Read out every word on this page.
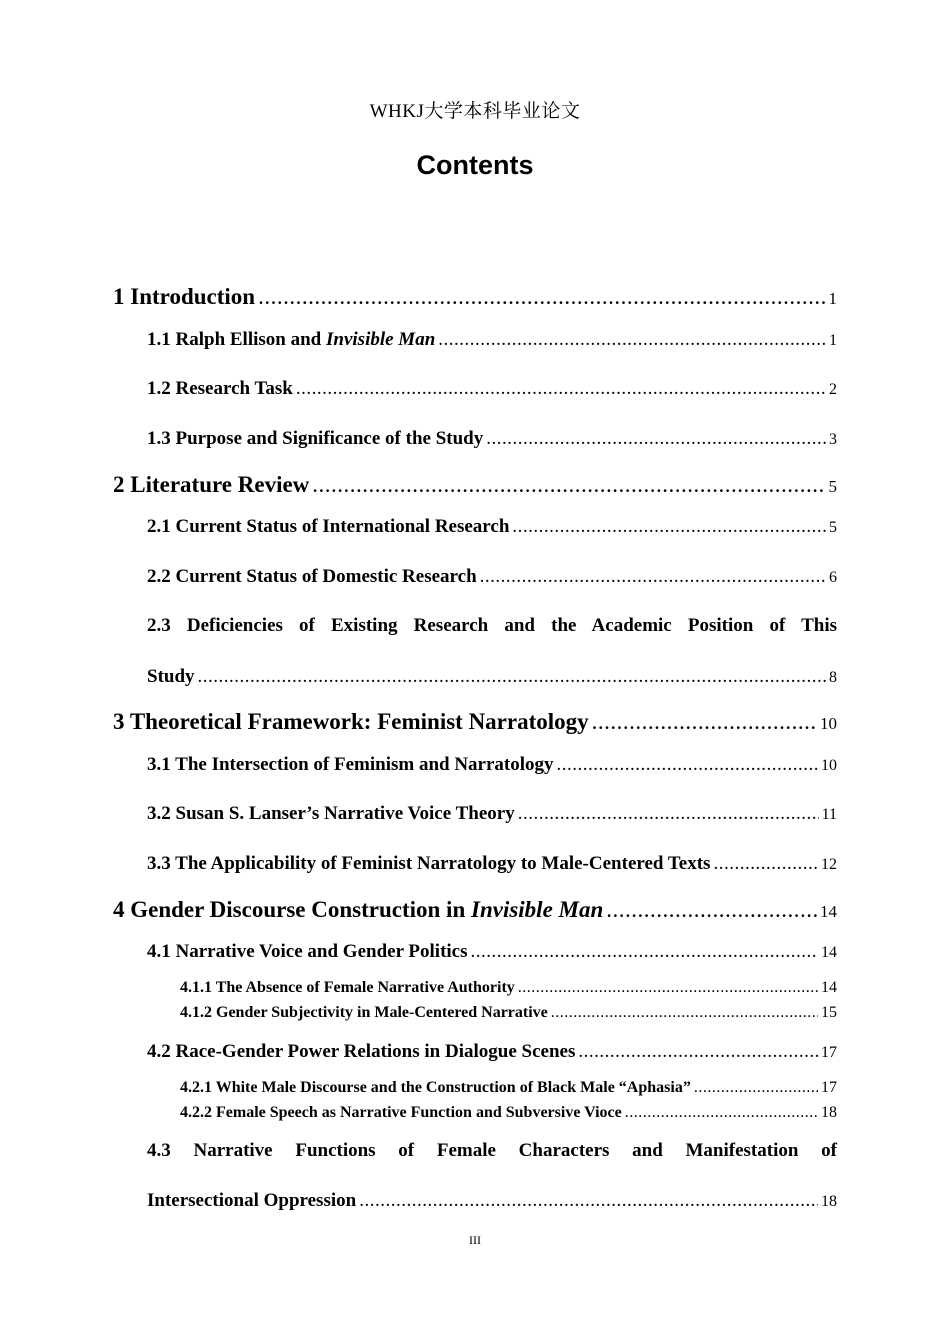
WHKJ大学本科毕业论文
Contents
1 Introduction .....	1
1.1 Ralph Ellison and Invisible Man .....	1
1.2 Research Task .....	2
1.3 Purpose and Significance of the Study .....	3
2 Literature Review .....	5
2.1 Current Status of International Research .....	5
2.2 Current Status of Domestic Research .....	6
2.3 Deficiencies of Existing Research and the Academic Position of This
Study .....	8
3 Theoretical Framework: Feminist Narratology .....	10
3.1 The Intersection of Feminism and Narratology .....	10
3.2 Susan S. Lanser’s Narrative Voice Theory .....	11
3.3 The Applicability of Feminist Narratology to Male-Centered Texts .....	12
4 Gender Discourse Construction in Invisible Man .....	14
4.1 Narrative Voice and Gender Politics .....	14
4.1.1 The Absence of Female Narrative Authority .....	14
4.1.2 Gender Subjectivity in Male-Centered Narrative .....	15
4.2 Race-Gender Power Relations in Dialogue Scenes .....	17
4.2.1 White Male Discourse and the Construction of Black Male “Aphasia” .....	17
4.2.2 Female Speech as Narrative Function and Subversive Vioce .....	18
4.3 Narrative Functions of Female Characters and Manifestation of
Intersectional Oppression .....	18
III
